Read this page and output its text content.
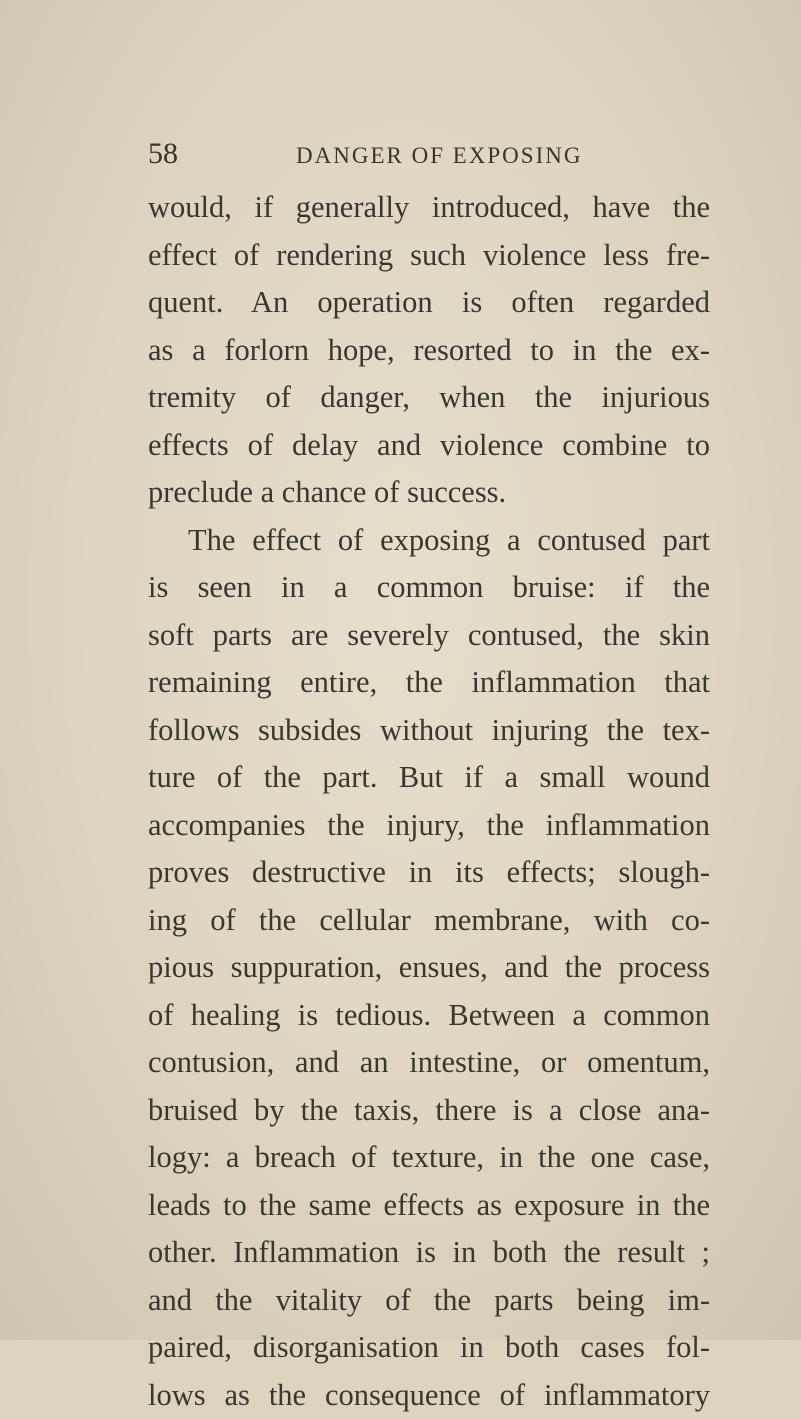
58	DANGER OF EXPOSING
would, if generally introduced, have the
effect of rendering such violence less fre-
quent. An operation is often regarded
as a forlorn hope, resorted to in the ex-
tremity of danger, when the injurious
effects of delay and violence combine to
preclude a chance of success.
The effect of exposing a contused part
is seen in a common bruise: if the
soft parts are severely contused, the skin
remaining entire, the inflammation that
follows subsides without injuring the tex-
ture of the part. But if a small wound
accompanies the injury, the inflammation
proves destructive in its effects; slough-
ing of the cellular membrane, with co-
pious suppuration, ensues, and the process
of healing is tedious. Between a common
contusion, and an intestine, or omentum,
bruised by the taxis, there is a close ana-
logy: a breach of texture, in the one case,
leads to the same effects as exposure in the
other. Inflammation is in both the result ;
and the vitality of the parts being im-
paired, disorganisation in both cases fol-
lows as the consequence of inflammatory
